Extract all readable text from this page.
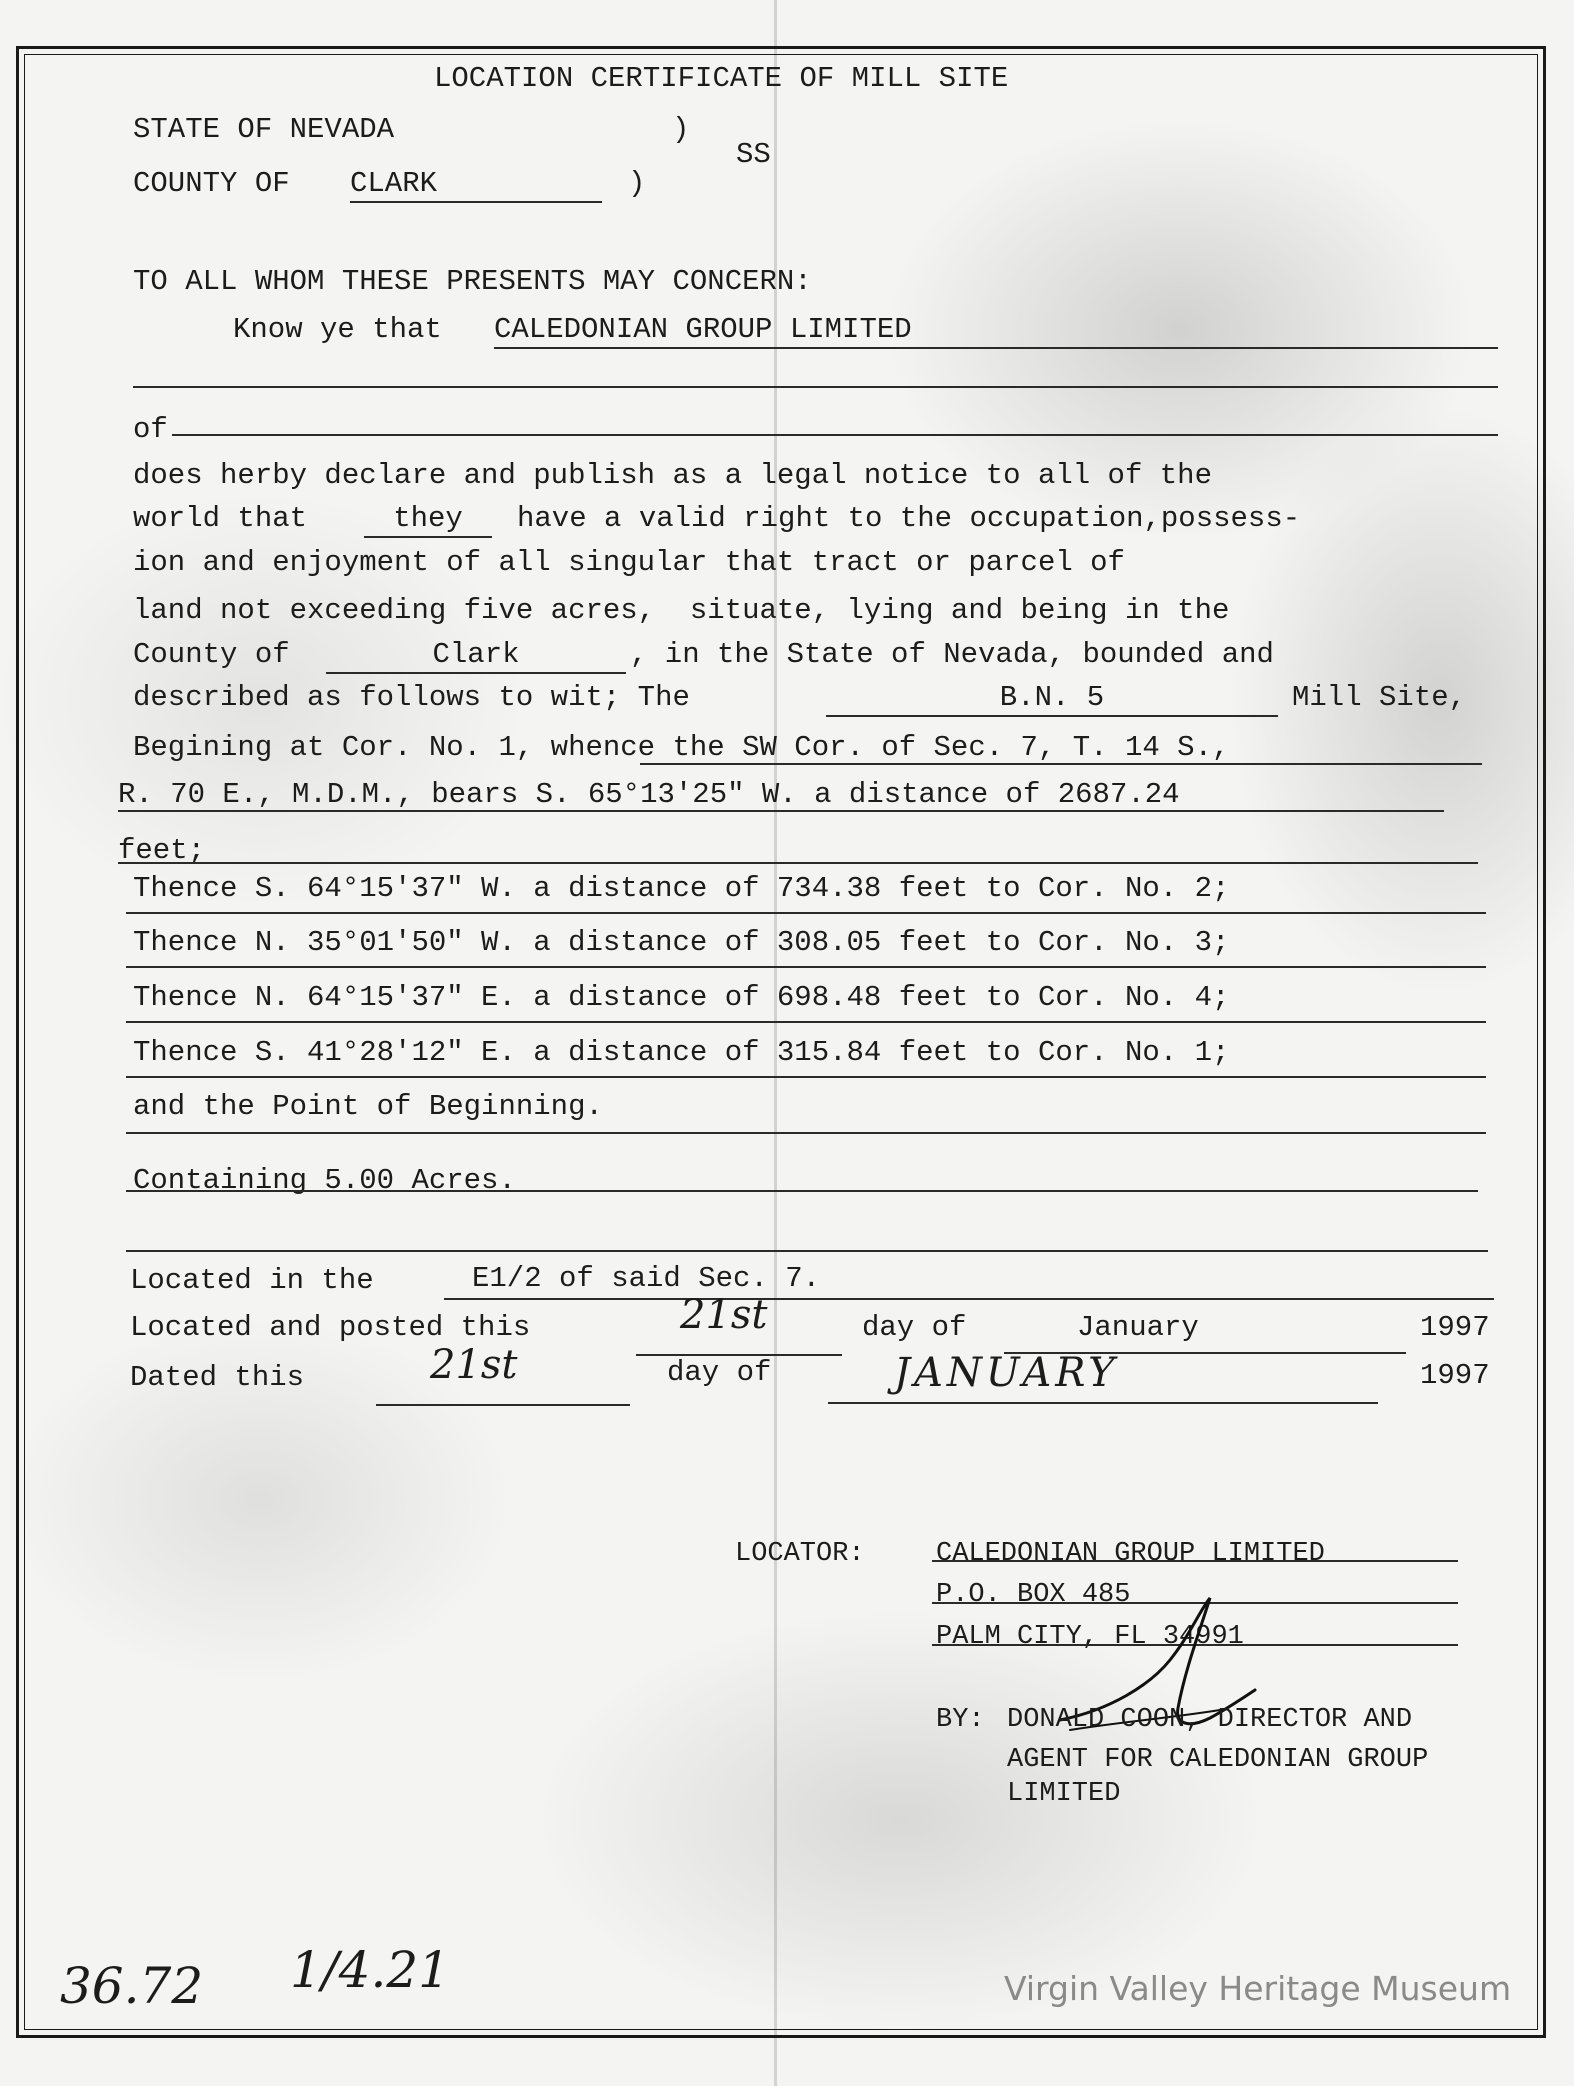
LOCATION CERTIFICATE OF MILL SITE
STATE OF NEVADA	)
SS
COUNTY OF CLARK	)
TO ALL WHOM THESE PRESENTS MAY CONCERN:
Know ye that CALEDONIAN GROUP LIMITED
of
does herby declare and publish as a legal notice to all of the
world that	they	have a valid right to the occupation,possess-
ion and enjoyment of all singular that tract or parcel of
land not exceeding five acres,  situate, lying and being in the
County of	Clark	, in the State of Nevada, bounded and
described as follows to wit; The	B.N. 5	Mill Site,
Begining at Cor. No. 1, whence the SW Cor. of Sec. 7, T. 14 S.,
R. 70 E., M.D.M., bears S. 65°13'25" W. a distance of 2687.24
feet;
Thence S. 64°15'37" W. a distance of 734.38 feet to Cor. No. 2;
Thence N. 35°01'50" W. a distance of 308.05 feet to Cor. No. 3;
Thence N. 64°15'37" E. a distance of 698.48 feet to Cor. No. 4;
Thence S. 41°28'12" E. a distance of 315.84 feet to Cor. No. 1;
and the Point of Beginning.
Containing 5.00 Acres.
Located in the	E1/2 of said Sec. 7.
Located and posted this	21st	day of	January	1997
Dated this	21st	day of	JANUARY	1997
LOCATOR:	CALEDONIAN GROUP LIMITED
P.O. BOX 485
PALM CITY, FL 34991
BY: DONALD COON, DIRECTOR AND
AGENT FOR CALEDONIAN GROUP
LIMITED
36.72 1/4.21	Virgin Valley Heritage Museum
